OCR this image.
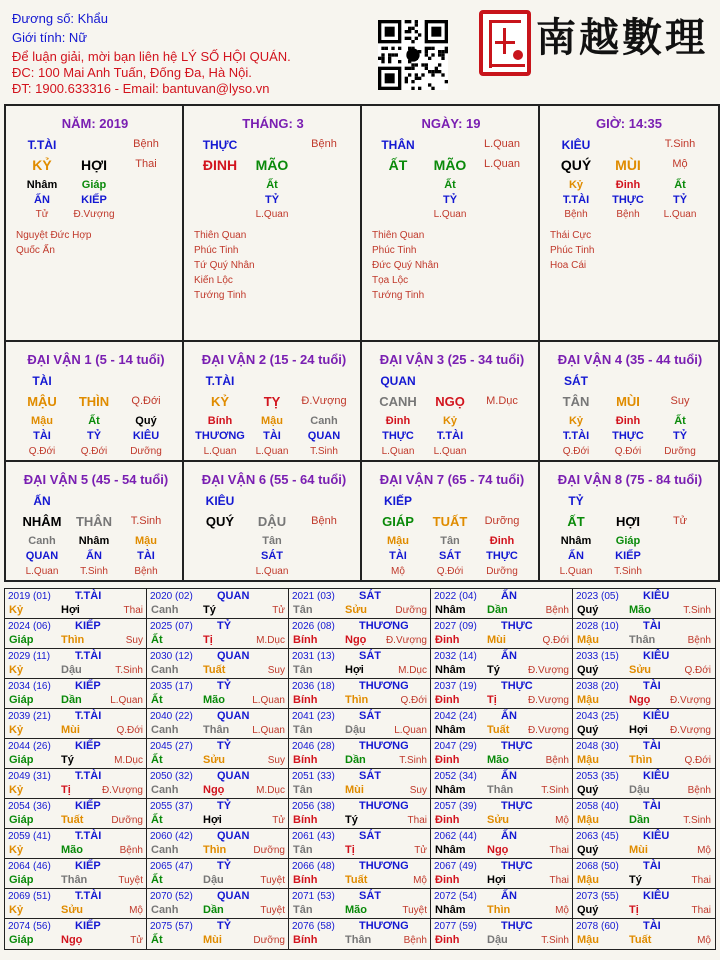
Đương số: Khẩu
Giới tính: Nữ
Để luận giải, mời bạn liên hệ LÝ SỐ HỘI QUÁN.
ĐC: 100 Mai Anh Tuấn, Đống Đa, Hà Nội.
ĐT: 1900.633316 - Email: bantuvan@lyso.vn
南越數理
NĂM: 2019
T.TÀI	Bệnh
KỶ HỢI	Thai
Nhâm
ẤN
Tử
Giáp
KIẾP
Đ.Vượng
Nguyệt Đức Hợp
Quốc Ấn
THÁNG: 3
THỰC	Bệnh
ĐINH MÃO
Ất
TỶ
L.Quan
Thiên Quan
Phúc Tinh
Tứ Quý Nhân
Kiến Lộc
Tướng Tinh
NGÀY: 19
THÂN	L.Quan
ẤT MÃO L.Quan
Ất
TỶ
L.Quan
Thiên Quan
Phúc Tinh
Đức Quý Nhân
Tọa Lộc
Tướng Tinh
GIỜ: 14:35
KIÊU	T.Sinh
QUÝ MÙI	Mộ
Kỷ
T.TÀI
Bệnh
Đinh
THỰC
Bệnh
Ất
TỶ
L.Quan
Thái Cực
Phúc Tinh
Hoa Cái
ĐẠI VẬN 1 (5 - 14 tuổi)
TÀI
MẬU THÌN Q.Đới
Mậu
TÀI
Q.Đới
Ất
TỶ
Q.Đới
Quý
KIÊU
Dưỡng
ĐẠI VẬN 2 (15 - 24 tuổi)
T.TÀI
KỶ	TỴ Đ.Vượng
Bính
THƯƠNG
L.Quan
Mậu
TÀI
L.Quan
Canh
QUAN
T.Sinh
ĐẠI VẬN 3 (25 - 34 tuổi)
QUAN
CANH NGỌ M.Dục
Đinh
THỰC
L.Quan
Kỷ
T.TÀI
L.Quan
ĐẠI VẬN 4 (35 - 44 tuổi)
SÁT
TÂN MÙI	Suy
Kỷ
T.TÀI
Q.Đới
Đinh
THỰC
Q.Đới
Ất
TỶ
Dưỡng
ĐẠI VẬN 5 (45 - 54 tuổi)
ẤN
NHÂM THÂN T.Sinh
Canh
QUAN
L.Quan
Nhâm
ẤN
T.Sinh
Mậu
TÀI
Bệnh
ĐẠI VẬN 6 (55 - 64 tuổi)
KIÊU
QUÝ DẬU Bệnh
Tân
SÁT
L.Quan
ĐẠI VẬN 7 (65 - 74 tuổi)
KIẾP
GIÁP TUẤT Dưỡng
Mậu
TÀI
Mộ
Tân
SÁT
Q.Đới
Đinh
THỰC
Dưỡng
ĐẠI VẬN 8 (75 - 84 tuổi)
TỶ
ẤT HỢI	Tử
Nhâm
ẤN
L.Quan
Giáp
KIẾP
T.Sinh
2019 (01) T.TÀI
Kỷ	Hợi	Thai
2020 (02) QUAN
Canh Tý	Tử
2021 (03) SÁT
Tân	Sửu	Dưỡng
2022 (04) ẤN
Nhâm Dần	Bệnh
2023 (05) KIÊU
Quý	Mão	T.Sinh
2024 (06) KIẾP
Giáp	Thìn	Suy
2025 (07) TỶ
Ất	Tị	M.Dục
2026 (08) THƯƠNG
Bính	Ngọ Đ.Vượng
2027 (09) THỰC
Đinh	Mùi	Q.Đới
2028 (10) TÀI
Mậu	Thân	Bệnh
2029 (11) T.TÀI
Kỷ	Dậu	T.Sinh
2030 (12) QUAN
Canh Tuất	Suy
2031 (13) SÁT
Tân	Hợi	M.Dục
2032 (14) ẤN
Nhâm Tý	Đ.Vượng
2033 (15) KIÊU
Quý	Sửu	Q.Đới
2034 (16) KIẾP
Giáp	Dần	L.Quan
2035 (17) TỶ
Ất	Mão	L.Quan
2036 (18) THƯƠNG
Bính	Thìn	Q.Đới
2037 (19) THỰC
Đinh	Tị	Đ.Vượng
2038 (20) TÀI
Mậu	Ngọ Đ.Vượng
2039 (21) T.TÀI
Kỷ	Mùi	Q.Đới
2040 (22) QUAN
Canh Thân	L.Quan
2041 (23) SÁT
Tân	Dậu	L.Quan
2042 (24) ẤN
Nhâm Tuất Đ.Vượng
2043 (25) KIÊU
Quý	Hợi Đ.Vượng
2044 (26) KIẾP
Giáp	Tý	M.Dục
2045 (27) TỶ
Ất	Sửu	Suy
2046 (28) THƯƠNG
Bính	Dần	T.Sinh
2047 (29) THỰC
Đinh	Mão	Bệnh
2048 (30) TÀI
Mậu	Thìn	Q.Đới
2049 (31) T.TÀI
Kỷ	Tị	Đ.Vượng
2050 (32) QUAN
Canh Ngọ	M.Dục
2051 (33) SÁT
Tân	Mùi	Suy
2052 (34) ẤN
Nhâm Thân	T.Sinh
2053 (35) KIÊU
Quý	Dậu	Bệnh
2054 (36) KIẾP
Giáp	Tuất	Dưỡng
2055 (37) TỶ
Ất	Hợi	Tử
2056 (38) THƯƠNG
Bính	Tý	Thai
2057 (39) THỰC
Đinh	Sửu	Mộ
2058 (40) TÀI
Mậu	Dần	T.Sinh
2059 (41) T.TÀI
Kỷ	Mão	Bệnh
2060 (42) QUAN
Canh Thìn	Dưỡng
2061 (43) SÁT
Tân	Tị	Tử
2062 (44) ẤN
Nhâm Ngọ	Thai
2063 (45) KIÊU
Quý	Mùi	Mộ
2064 (46) KIẾP
Giáp	Thân	Tuyệt
2065 (47) TỶ
Ất	Dậu	Tuyệt
2066 (48) THƯƠNG
Bính	Tuất	Mộ
2067 (49) THỰC
Đinh	Hợi	Thai
2068 (50) TÀI
Mậu	Tý	Thai
2069 (51) T.TÀI
Kỷ	Sửu	Mộ
2070 (52) QUAN
Canh Dần	Tuyệt
2071 (53) SÁT
Tân	Mão	Tuyệt
2072 (54) ẤN
Nhâm Thìn	Mộ
2073 (55) KIÊU
Quý	Tị	Thai
2074 (56) KIẾP
Giáp	Ngọ	Tử
2075 (57) TỶ
Ất	Mùi	Dưỡng
2076 (58) THƯƠNG
Bính	Thân	Bệnh
2077 (59) THỰC
Đinh	Dậu	T.Sinh
2078 (60) TÀI
Mậu	Tuất	Mộ
